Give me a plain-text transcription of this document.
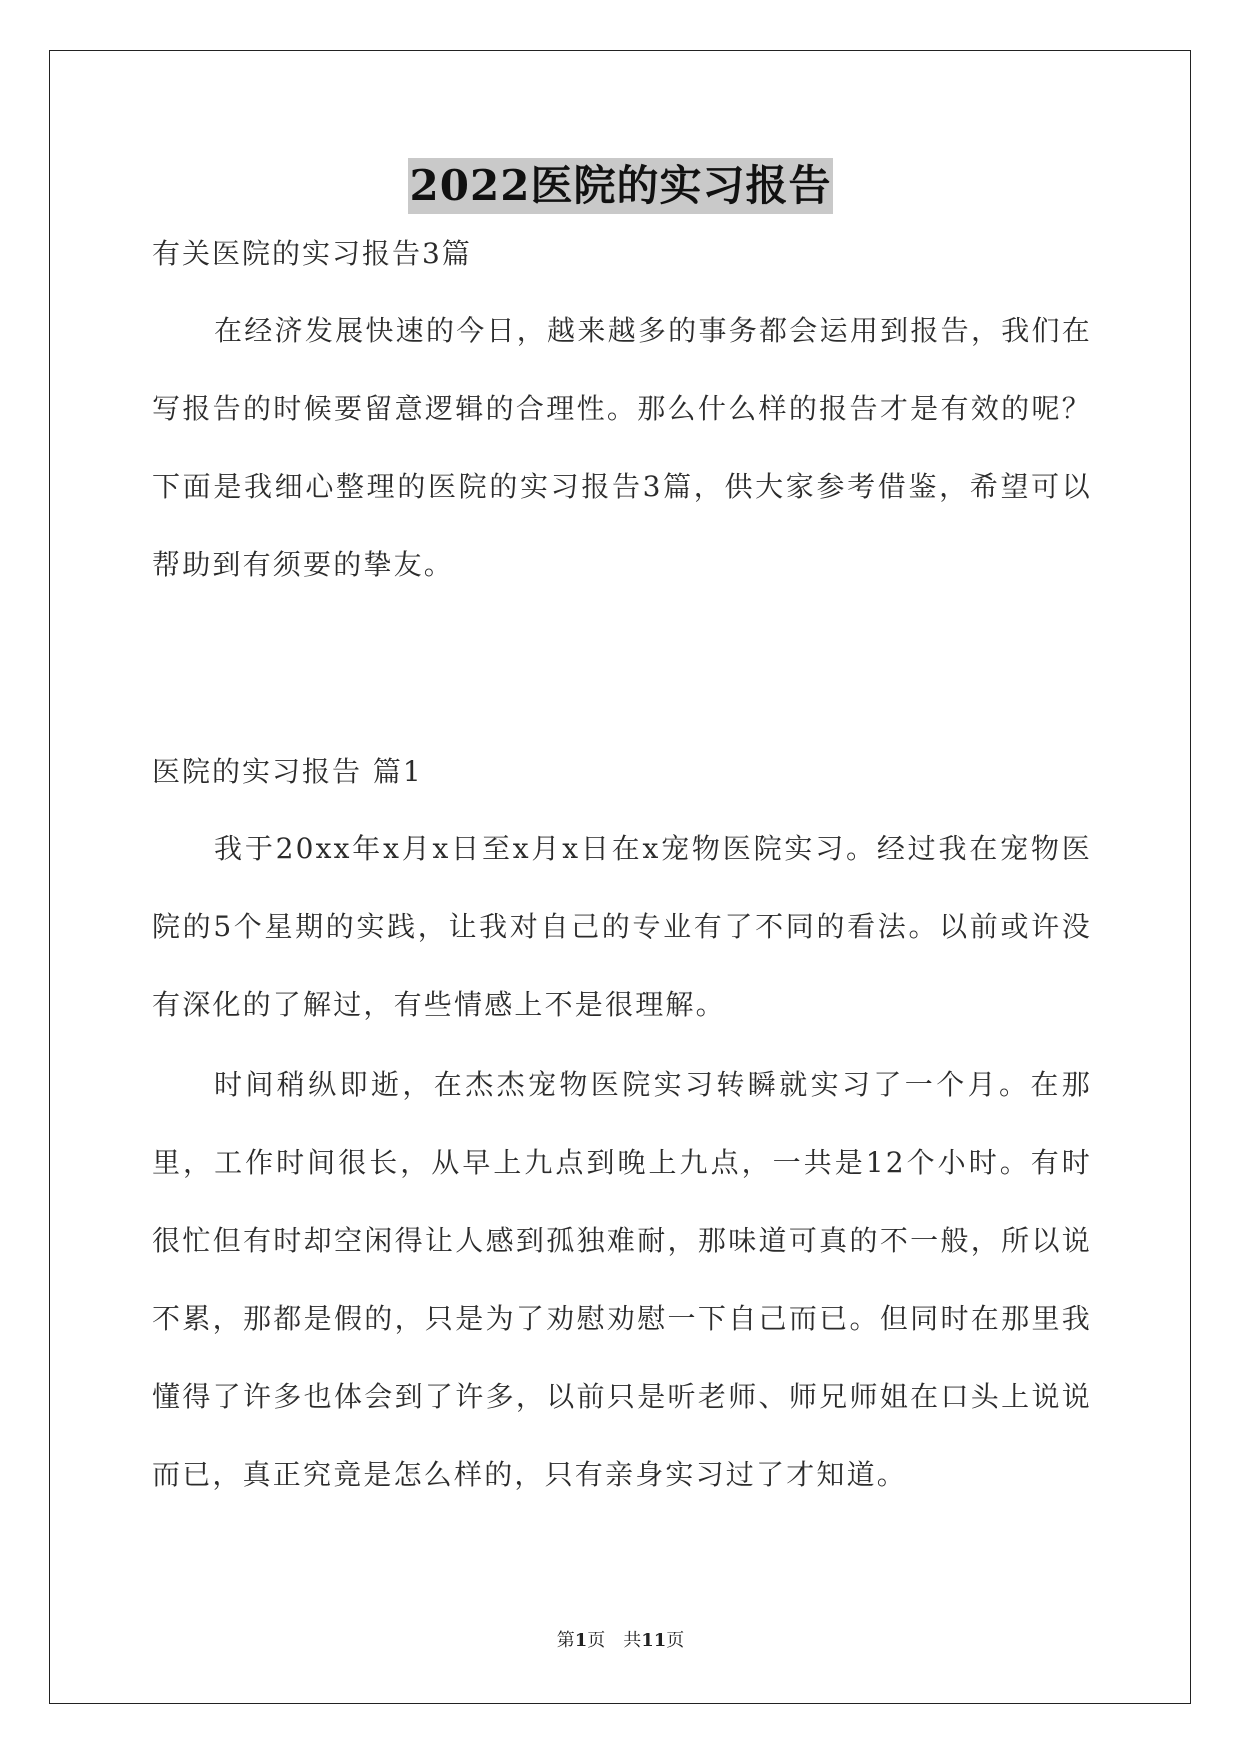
2022医院的实习报告

有关医院的实习报告3篇

在经济发展快速的今日，越来越多的事务都会运用到报告，我们在写报告的时候要留意逻辑的合理性。那么什么样的报告才是有效的呢？下面是我细心整理的医院的实习报告3篇，供大家参考借鉴，希望可以帮助到有须要的挚友。

医院的实习报告 篇1

我于20xx年x月x日至x月x日在x宠物医院实习。经过我在宠物医院的5个星期的实践，让我对自己的专业有了不同的看法。以前或许没有深化的了解过，有些情感上不是很理解。

时间稍纵即逝，在杰杰宠物医院实习转瞬就实习了一个月。在那里，工作时间很长，从早上九点到晚上九点，一共是12个小时。有时很忙但有时却空闲得让人感到孤独难耐，那味道可真的不一般，所以说不累，那都是假的，只是为了劝慰劝慰一下自己而已。但同时在那里我懂得了许多也体会到了许多，以前只是听老师、师兄师姐在口头上说说而已，真正究竟是怎么样的，只有亲身实习过了才知道。

第1页　共11页
